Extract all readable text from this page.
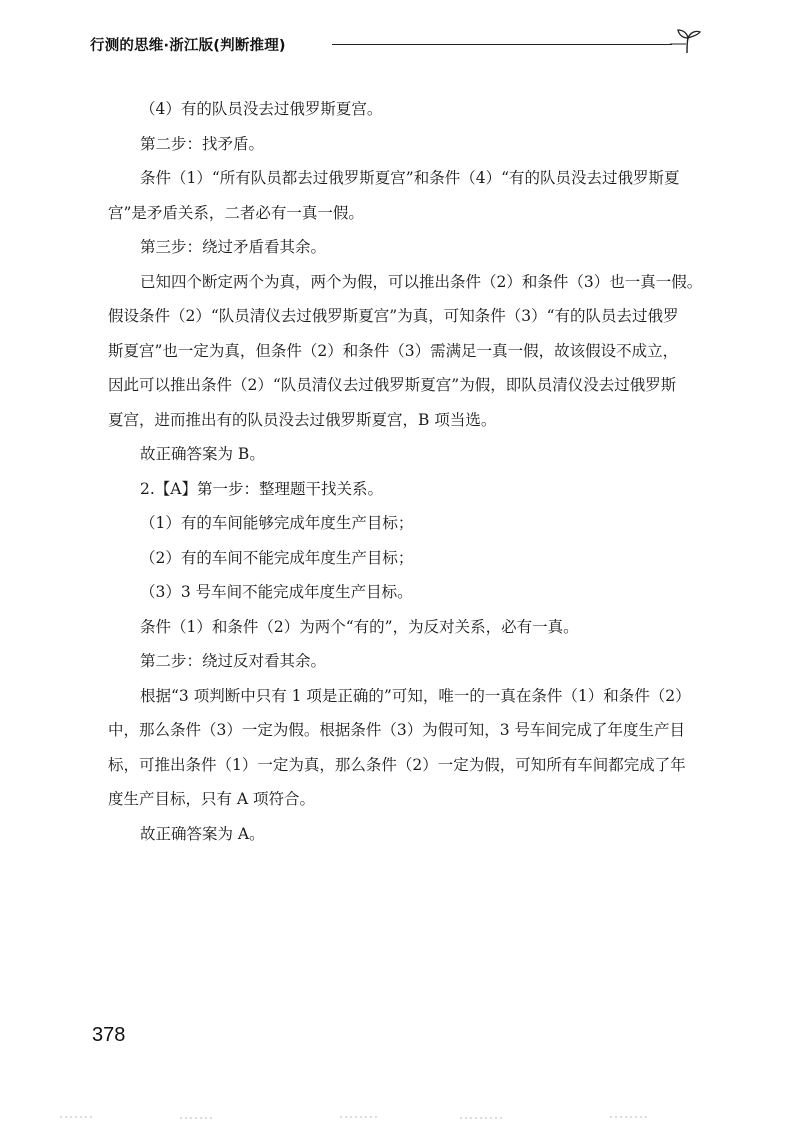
行测的思维·浙江版(判断推理)

（4）有的队员没去过俄罗斯夏宫。

第二步：找矛盾。

条件（1）“所有队员都去过俄罗斯夏宫”和条件（4）“有的队员没去过俄罗斯夏

宫”是矛盾关系，二者必有一真一假。

第三步：绕过矛盾看其余。

已知四个断定两个为真，两个为假，可以推出条件（2）和条件（3）也一真一假。

假设条件（2）“队员清仪去过俄罗斯夏宫”为真，可知条件（3）“有的队员去过俄罗

斯夏宫”也一定为真，但条件（2）和条件（3）需满足一真一假，故该假设不成立，

因此可以推出条件（2）“队员清仪去过俄罗斯夏宫”为假，即队员清仪没去过俄罗斯

夏宫，进而推出有的队员没去过俄罗斯夏宫，B 项当选。

故正确答案为 B。

2.【A】第一步：整理题干找关系。

（1）有的车间能够完成年度生产目标；

（2）有的车间不能完成年度生产目标；

（3）3 号车间不能完成年度生产目标。

条件（1）和条件（2）为两个“有的”，为反对关系，必有一真。

第二步：绕过反对看其余。

根据“3 项判断中只有 1 项是正确的”可知，唯一的一真在条件（1）和条件（2）

中，那么条件（3）一定为假。根据条件（3）为假可知，3 号车间完成了年度生产目

标，可推出条件（1）一定为真，那么条件（2）一定为假，可知所有车间都完成了年

度生产目标，只有 A 项符合。

故正确答案为 A。

378
